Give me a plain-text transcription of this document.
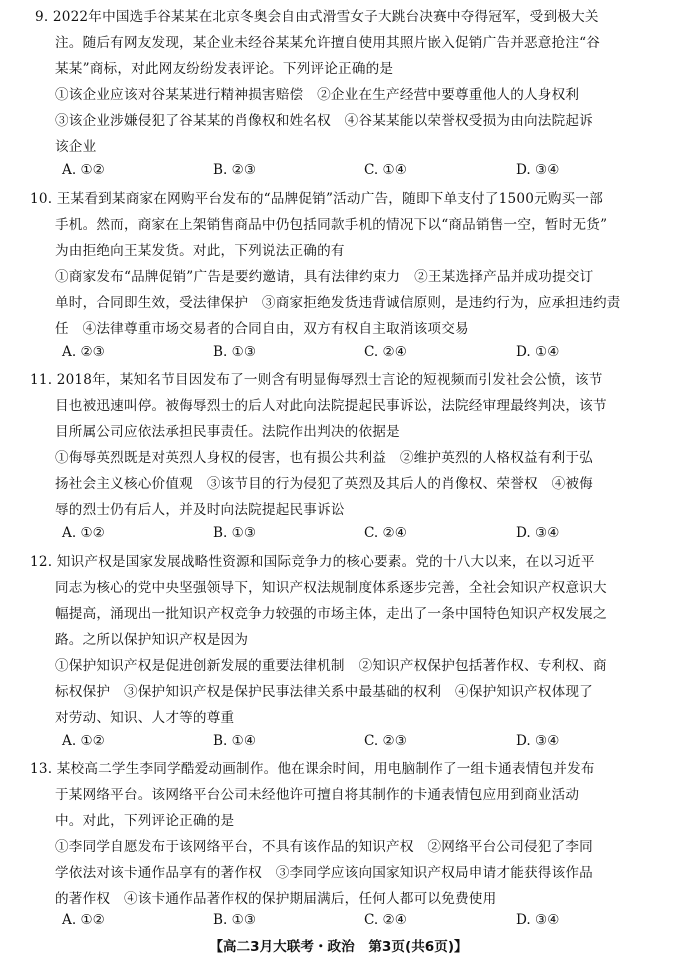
9. 2022年中国选手谷某某在北京冬奥会自由式滑雪女子大跳台决赛中夺得冠军，受到极大关
注。随后有网友发现，某企业未经谷某某允许擅自使用其照片嵌入促销广告并恶意抢注“谷
某某”商标，对此网友纷纷发表评论。下列评论正确的是
①该企业应该对谷某某进行精神损害赔偿　②企业在生产经营中要尊重他人的人身权利
③该企业涉嫌侵犯了谷某某的肖像权和姓名权　④谷某某能以荣誉权受损为由向法院起诉
该企业
A. ①②	B. ②③	C. ①④	D. ③④
10. 王某看到某商家在网购平台发布的“品牌促销”活动广告，随即下单支付了1500元购买一部
手机。然而，商家在上架销售商品中仍包括同款手机的情况下以“商品销售一空，暂时无货”
为由拒绝向王某发货。对此，下列说法正确的有
①商家发布“品牌促销”广告是要约邀请，具有法律约束力　②王某选择产品并成功提交订
单时，合同即生效，受法律保护　③商家拒绝发货违背诚信原则，是违约行为，应承担违约责
任　④法律尊重市场交易者的合同自由，双方有权自主取消该项交易
A. ②③	B. ①③	C. ②④	D. ①④
11. 2018年，某知名节目因发布了一则含有明显侮辱烈士言论的短视频而引发社会公愤，该节
目也被迅速叫停。被侮辱烈士的后人对此向法院提起民事诉讼，法院经审理最终判决，该节
目所属公司应依法承担民事责任。法院作出判决的依据是
①侮辱英烈既是对英烈人身权的侵害，也有损公共利益　②维护英烈的人格权益有利于弘
扬社会主义核心价值观　③该节目的行为侵犯了英烈及其后人的肖像权、荣誉权　④被侮
辱的烈士仍有后人，并及时向法院提起民事诉讼
A. ①②	B. ①③	C. ②④	D. ③④
12. 知识产权是国家发展战略性资源和国际竞争力的核心要素。党的十八大以来，在以习近平
同志为核心的党中央坚强领导下，知识产权法规制度体系逐步完善，全社会知识产权意识大
幅提高，涌现出一批知识产权竞争力较强的市场主体，走出了一条中国特色知识产权发展之
路。之所以保护知识产权是因为
①保护知识产权是促进创新发展的重要法律机制　②知识产权保护包括著作权、专利权、商
标权保护　③保护知识产权是保护民事法律关系中最基础的权利　④保护知识产权体现了
对劳动、知识、人才等的尊重
A. ①②	B. ①④	C. ②③	D. ③④
13. 某校高二学生李同学酷爱动画制作。他在课余时间，用电脑制作了一组卡通表情包并发布
于某网络平台。该网络平台公司未经他许可擅自将其制作的卡通表情包应用到商业活动
中。对此，下列评论正确的是
①李同学自愿发布于该网络平台，不具有该作品的知识产权　②网络平台公司侵犯了李同
学依法对该卡通作品享有的著作权　③李同学应该向国家知识产权局申请才能获得该作品
的著作权　④该卡通作品著作权的保护期届满后，任何人都可以免费使用
A. ①②	B. ①③	C. ②④	D. ③④
【高二3月大联考・政治　第3页(共6页)】
